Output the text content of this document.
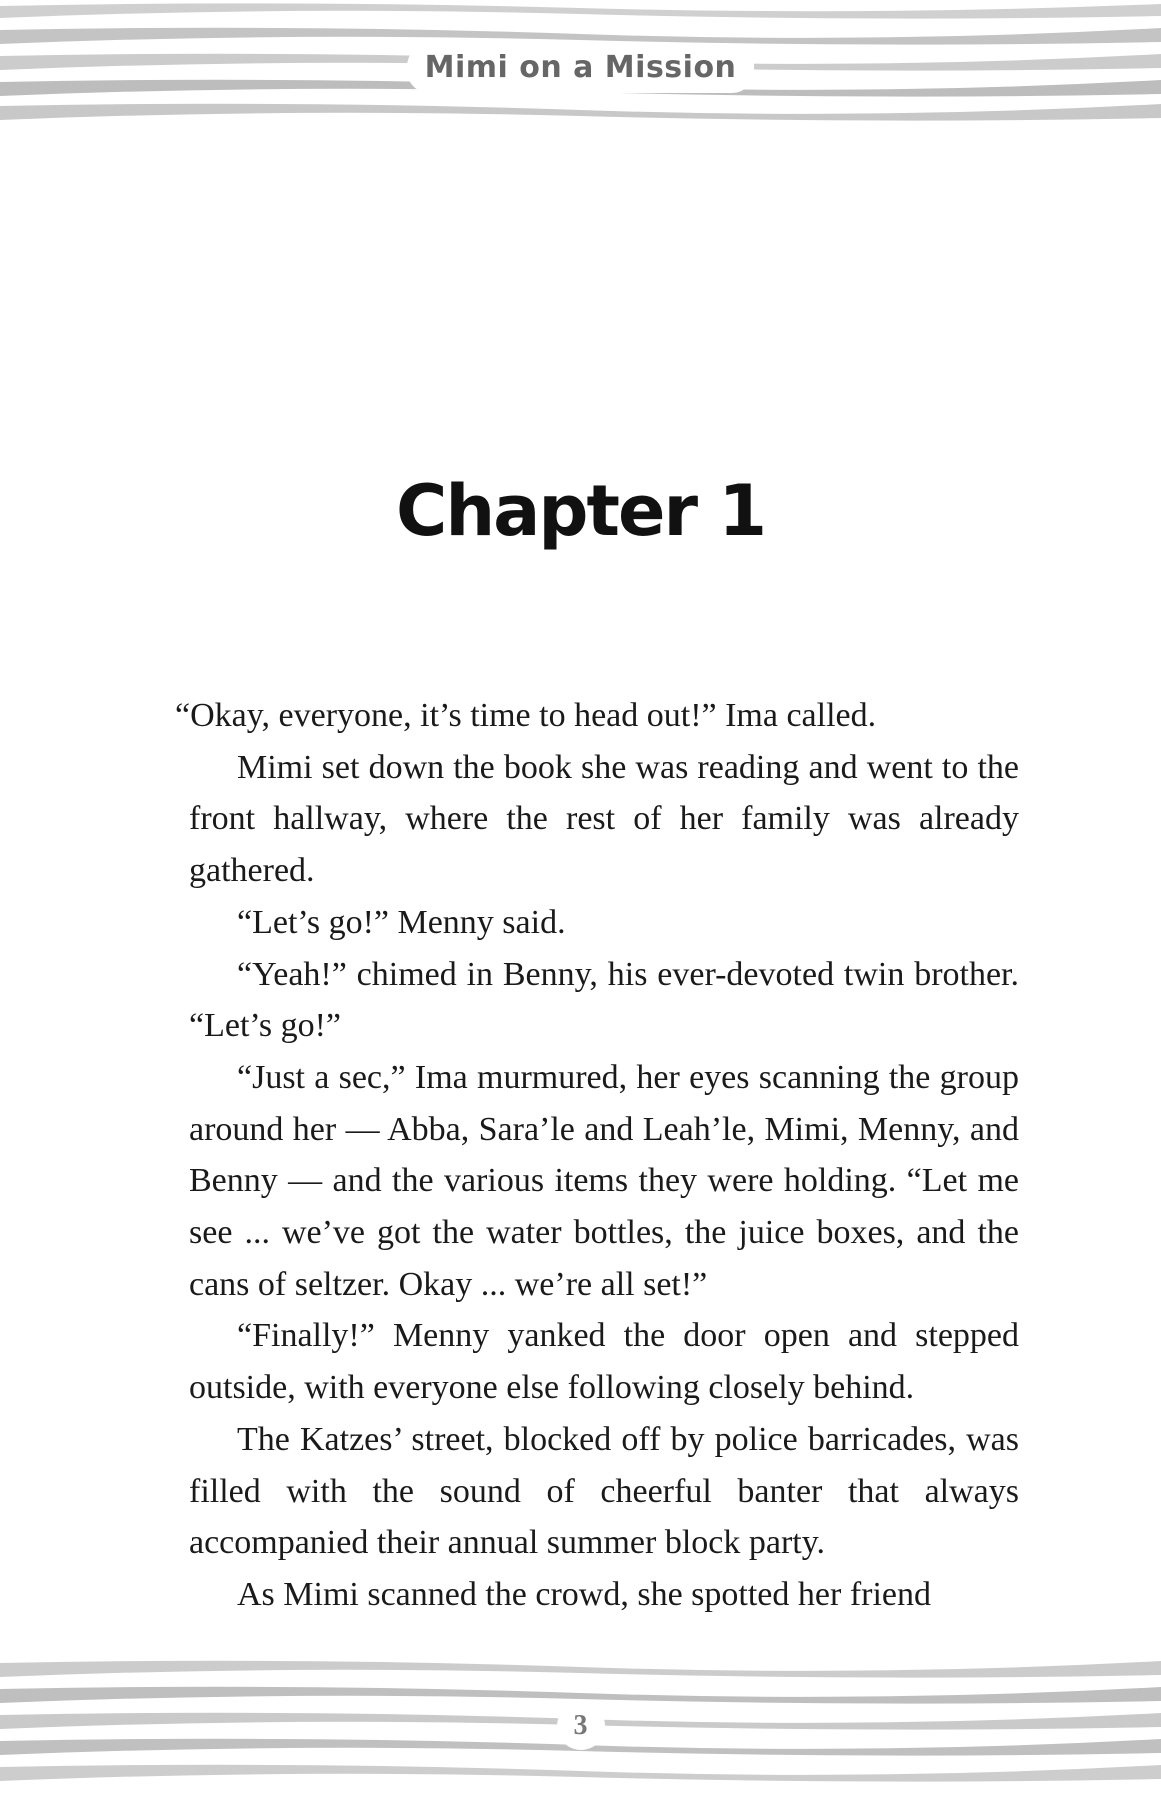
Mimi on a Mission
Chapter 1

“Okay, everyone, it’s time to head out!” Ima called.

Mimi set down the book she was reading and went to the front hallway, where the rest of her family was already gathered.

“Let’s go!” Menny said.

“Yeah!” chimed in Benny, his ever-devoted twin brother. “Let’s go!”

“Just a sec,” Ima murmured, her eyes scanning the group around her — Abba, Sara’le and Leah’le, Mimi, Menny, and Benny — and the various items they were holding. “Let me see ... we’ve got the water bottles, the juice boxes, and the cans of seltzer. Okay ... we’re all set!”

“Finally!” Menny yanked the door open and stepped outside, with everyone else following closely behind.

The Katzes’ street, blocked off by police barricades, was filled with the sound of cheerful banter that always accompanied their annual summer block party.

As Mimi scanned the crowd, she spotted her friend

3
